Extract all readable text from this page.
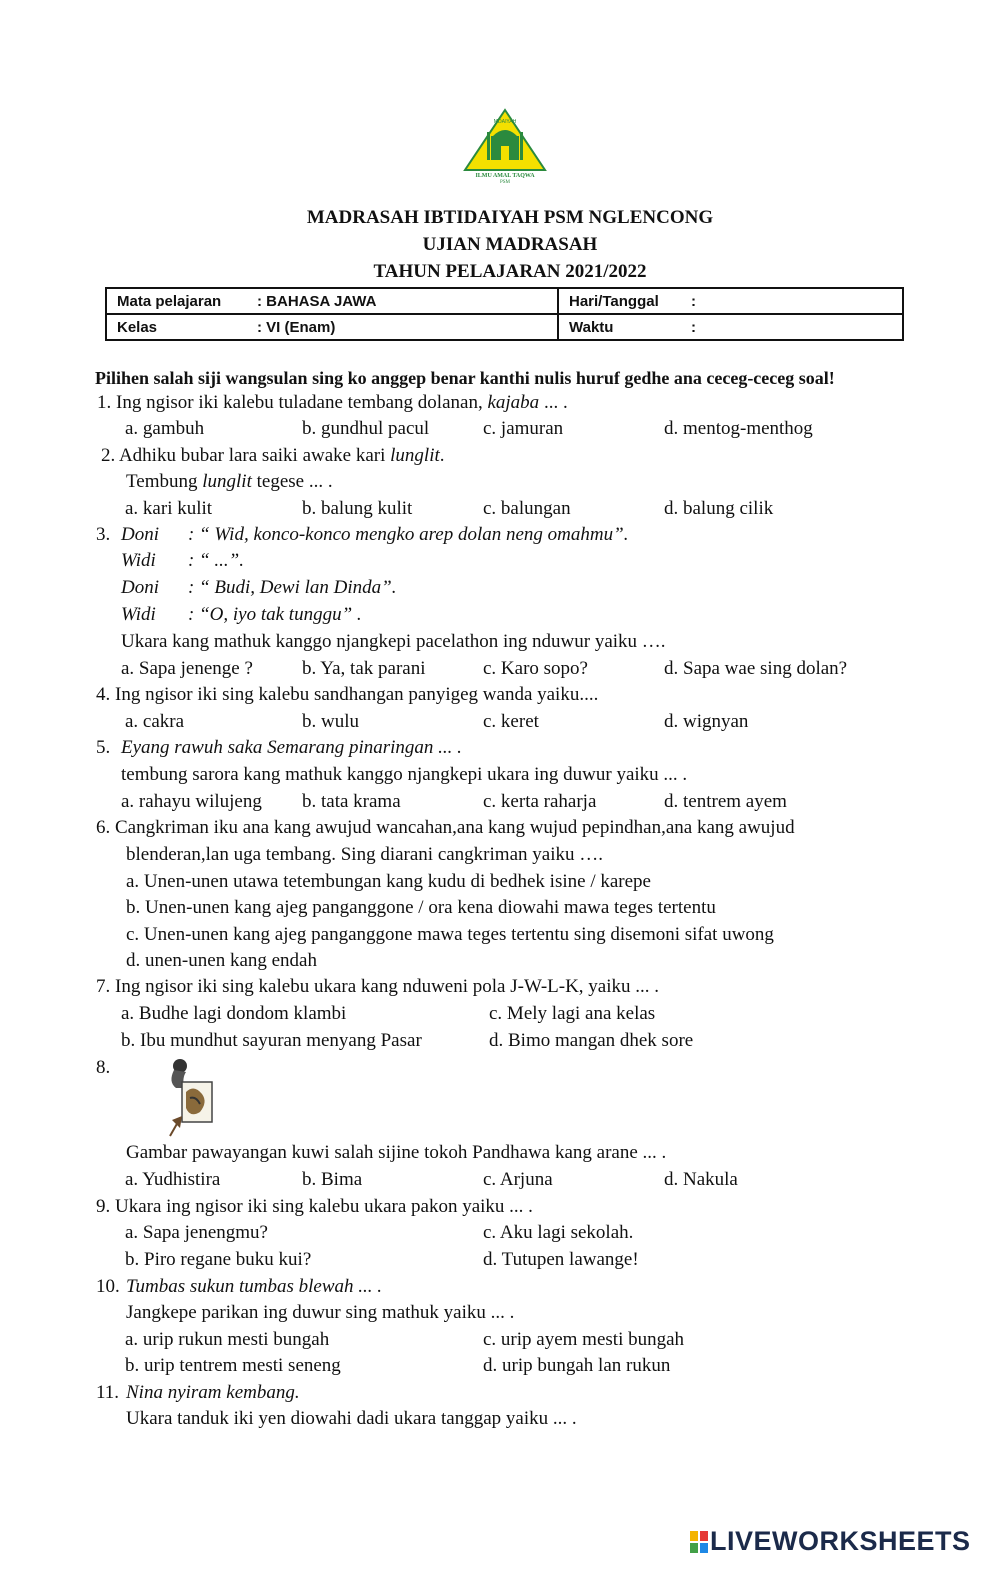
MDAIYAH
ILMU AMAL TAQWA
PSM
MADRASAH IBTIDAIYAH PSM NGLENCONG
UJIAN MADRASAH
TAHUN PELAJARAN 2021/2022
Mata pelajaran : BAHASA JAWA	Hari/Tanggal :
Kelas : VI (Enam)	Waktu :
Pilihen salah siji wangsulan sing ko anggep benar kanthi nulis huruf gedhe ana ceceg-ceceg soal!
1. Ing ngisor iki kalebu tuladane tembang dolanan, kajaba ... .
a. gambuh	b. gundhul pacul	c. jamuran	d. mentog-menthog
2. Adhiku bubar lara saiki awake kari lunglit.
Tembung lunglit tegese ... .
a. kari kulit	b. balung kulit	c. balungan	d. balung cilik
3. Doni : “ Wid, konco-konco mengko arep dolan neng omahmu”.
Widi : “ ...”.
Doni : “ Budi, Dewi lan Dinda”.
Widi : “O, iyo tak tunggu” .
Ukara kang mathuk kanggo njangkepi pacelathon ing nduwur yaiku ….
a. Sapa jenenge ?	b. Ya, tak parani	c. Karo sopo?	d. Sapa wae sing dolan?
4. Ing ngisor iki sing kalebu sandhangan panyigeg wanda yaiku....
a. cakra	b. wulu	c. keret	d. wignyan
5. Eyang rawuh saka Semarang pinaringan ... .
tembung sarora kang mathuk kanggo njangkepi ukara ing duwur yaiku ... .
a. rahayu wilujeng b. tata krama	c. kerta raharja	d. tentrem ayem
6. Cangkriman iku ana kang awujud wancahan,ana kang wujud pepindhan,ana kang awujud
blenderan,lan uga tembang. Sing diarani cangkriman yaiku ….
a. Unen-unen utawa tetembungan kang kudu di bedhek isine / karepe
b. Unen-unen kang ajeg panganggone / ora kena diowahi mawa teges tertentu
c. Unen-unen kang ajeg panganggone mawa teges tertentu sing disemoni sifat uwong
d. unen-unen kang endah
7. Ing ngisor iki sing kalebu ukara kang nduweni pola J-W-L-K, yaiku ... .
a. Budhe lagi dondom klambi	c. Mely lagi ana kelas
b. Ibu mundhut sayuran menyang Pasar	d. Bimo mangan dhek sore
8.
Gambar pawayangan kuwi salah sijine tokoh Pandhawa kang arane ... .
a. Yudhistira	b. Bima	c. Arjuna	d. Nakula
9. Ukara ing ngisor iki sing kalebu ukara pakon yaiku ... .
a. Sapa jenengmu?	c. Aku lagi sekolah.
b. Piro regane buku kui?	d. Tutupen lawange!
10. Tumbas sukun tumbas blewah ... .
Jangkepe parikan ing duwur sing mathuk yaiku ... .
a. urip rukun mesti bungah	c. urip ayem mesti bungah
b. urip tentrem mesti seneng	d. urip bungah lan rukun
11. Nina nyiram kembang.
Ukara tanduk iki yen diowahi dadi ukara tanggap yaiku ... .
LIVEWORKSHEETS
